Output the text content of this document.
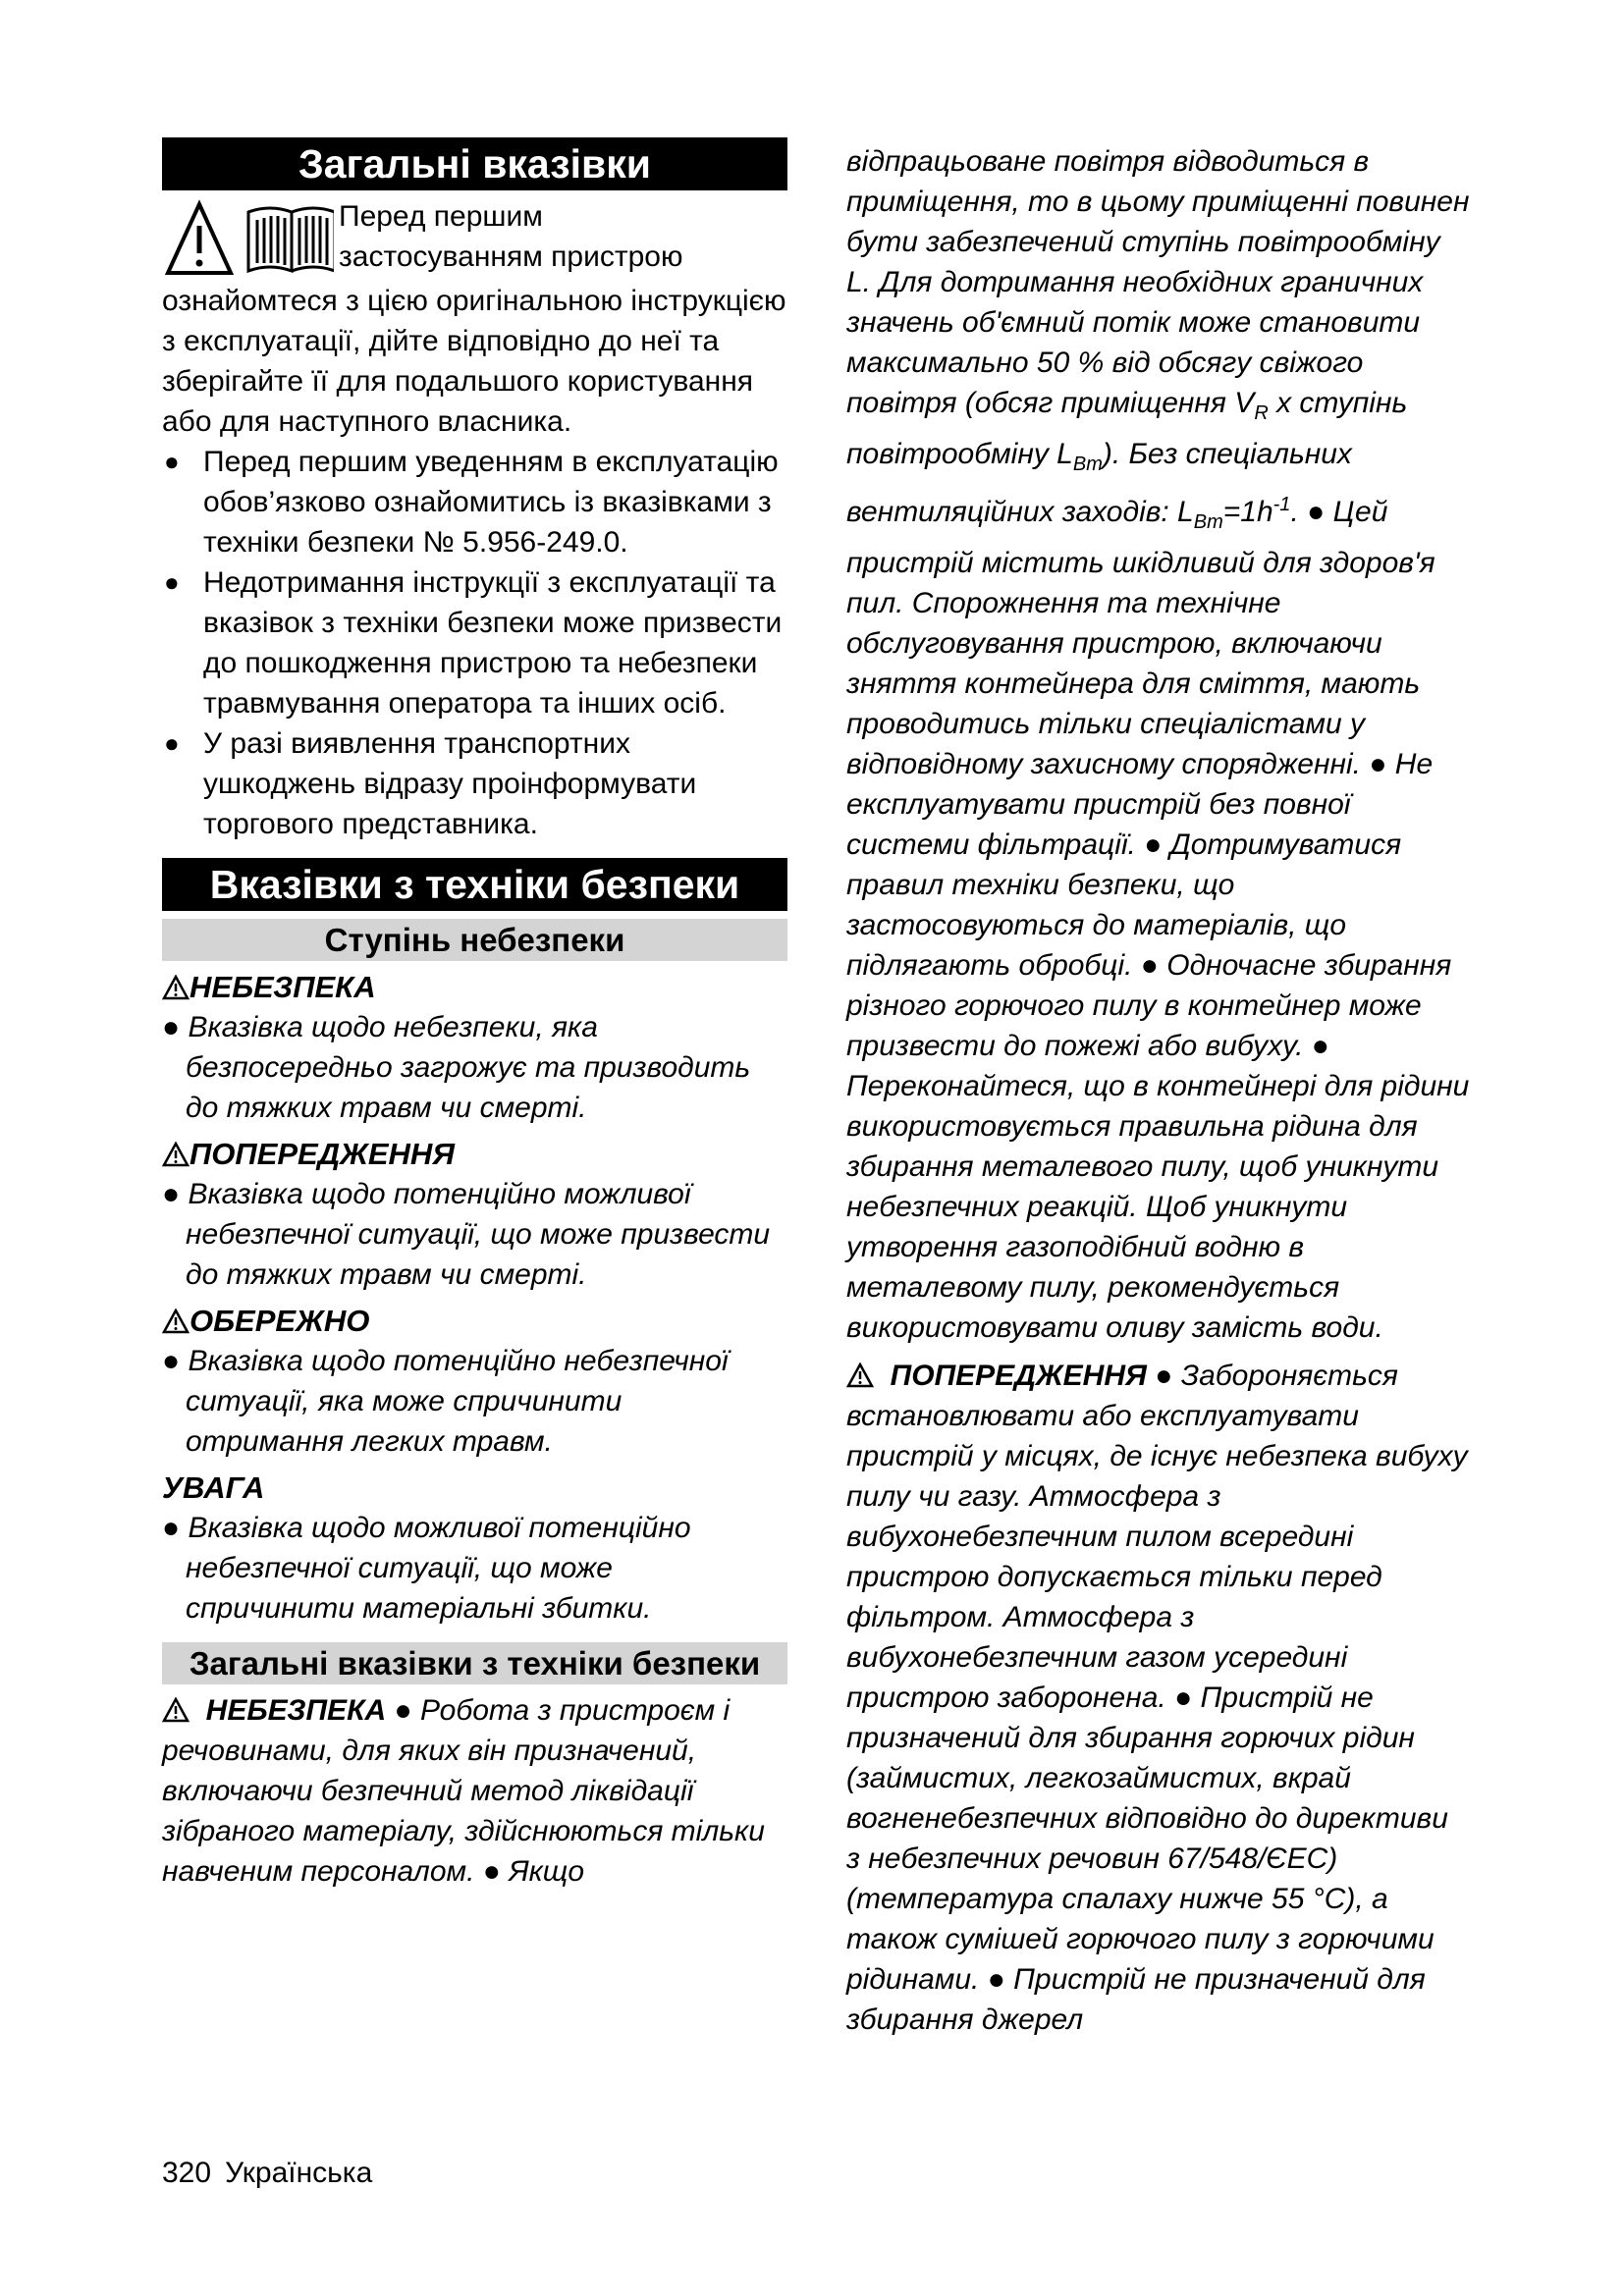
Загальні вказівки

Перед першим
застосуванням пристрою

ознайомтеся з цією оригінальною інструкцією з експлуатації, дійте відповідно до неї та зберігайте її для подальшого користування або для наступного власника.

● Перед першим уведенням в експлуатацію обов’язково ознайомитись із вказівками з техніки безпеки № 5.956-249.0.
● Недотримання інструкції з експлуатації та вказівок з техніки безпеки може призвести до пошкодження пристрою та небезпеки травмування оператора та інших осіб.
● У разі виявлення транспортних ушкоджень відразу проінформувати торгового представника.
Вказівки з техніки безпеки
Ступінь небезпеки
НЕБЕЗПЕКА

● Вказівка щодо небезпеки, яка безпосередньо загрожує та призводить до тяжких травм чи смерті.

ПОПЕРЕДЖЕННЯ

● Вказівка щодо потенційно можливої небезпечної ситуації, що може призвести до тяжких травм чи смерті.

ОБЕРЕЖНО

● Вказівка щодо потенційно небезпечної ситуації, яка може спричинити отримання легких травм.

УВАГА

● Вказівка щодо можливої потенційно небезпечної ситуації, що може спричинити матеріальні збитки.

Загальні вказівки з техніки безпеки

НЕБЕЗПЕКА ● Робота з пристроєм і речовинами, для яких він призначений, включаючи безпечний метод ліквідації зібраного матеріалу, здійснюються тільки навченим персоналом. ● Якщо

відпрацьоване повітря відводиться в приміщення, то в цьому приміщенні повинен бути забезпечений ступінь повітрообміну L. Для дотримання необхідних граничних значень об'ємний потік може становити максимально 50 % від обсягу свіжого повітря (обсяг приміщення $V_R$ x ступінь повітрообміну $L_{Bm}$). Без спеціальних вентиляційних заходів: $L_{Bm}=1h^{-1}$. ● Цей пристрій містить шкідливий для здоров'я пил. Спорожнення та технічне обслуговування пристрою, включаючи зняття контейнера для сміття, мають проводитись тільки спеціалістами у відповідному захисному спорядженні. ● Не експлуатувати пристрій без повної системи фільтрації. ● Дотримуватися правил техніки безпеки, що застосовуються до матеріалів, що підлягають обробці. ● Одночасне збирання різного горючого пилу в контейнер може призвести до пожежі або вибуху. ● Переконайтеся, що в контейнері для рідини використовується правильна рідина для збирання металевого пилу, щоб уникнути небезпечних реакцій. Щоб уникнути утворення газоподібний водню в металевому пилу, рекомендується використовувати оливу замість води.

ПОПЕРЕДЖЕННЯ ● Забороняється встановлювати або експлуатувати пристрій у місцях, де існує небезпека вибуху пилу чи газу. Атмосфера з вибухонебезпечним пилом всередині пристрою допускається тільки перед фільтром. Атмосфера з вибухонебезпечним газом усередині пристрою заборонена. ● Пристрій не призначений для збирання горючих рідин (займистих, легкозаймистих, вкрай вогненебезпечних відповідно до директиви з небезпечних речовин 67/548/ЄЕС) (температура спалаху нижче 55 °C), а також сумішей горючого пилу з горючими рідинами. ● Пристрій не призначений для збирання джерел

320 Українська
